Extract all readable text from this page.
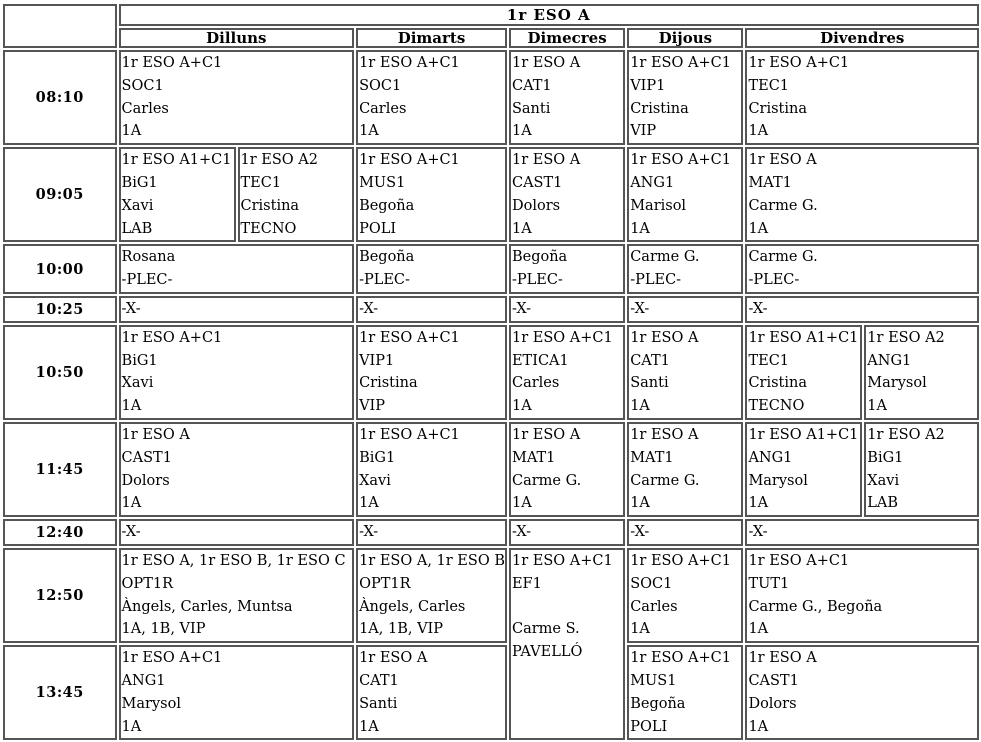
	1r ESO A						
	Dilluns		Dimarts	Dimecres	Dijous	Divendres	
08:10	1r ESO A+C1
SOC1
Carles
1A		1r ESO A+C1
SOC1
Carles
1A	1r ESO A
CAT1
Santi
1A	1r ESO A+C1
VIP1
Cristina
VIP	1r ESO A+C1
TEC1
Cristina
1A	

09:05	1r ESO A1+C1
BiG1
Xavi
LAB	1r ESO A2
TEC1
Cristina
TECNO	1r ESO A+C1
MUS1
Begoña
POLI	1r ESO A
CAST1
Dolors
1A	1r ESO A+C1
ANG1
Marisol
1A	1r ESO A
MAT1
Carme G.
1A	

10:00	Rosana
-PLEC-		Begoña
-PLEC-	Begoña
-PLEC-	Carme G.
-PLEC-	Carme G.
-PLEC-	

10:25	-X-		-X-	-X-	-X-	-X-	

10:50	1r ESO A+C1
BiG1
Xavi
1A		1r ESO A+C1
VIP1
Cristina
VIP	1r ESO A+C1
ETICA1
Carles
1A	1r ESO A
CAT1
Santi
1A	1r ESO A1+C1
TEC1
Cristina
TECNO	1r ESO A2
ANG1
Marysol
1A

11:45	1r ESO A
CAST1
Dolors
1A		1r ESO A+C1
BiG1
Xavi
1A	1r ESO A
MAT1
Carme G.
1A	1r ESO A
MAT1
Carme G.
1A	1r ESO A1+C1
ANG1
Marysol
1A	1r ESO A2
BiG1
Xavi
LAB

12:40	-X-		-X-	-X-	-X-	-X-	

12:50	1r ESO A, 1r ESO B, 1r ESO C
OPT1R
Àngels, Carles, Muntsa
1A, 1B, VIP		1r ESO A, 1r ESO B
OPT1R
Àngels, Carles
1A, 1B, VIP	1r ESO A+C1
EF1
Carme S.
PAVELLÓ	1r ESO A+C1
SOC1
Carles
1A	1r ESO A+C1
TUT1
Carme G., Begoña
1A	

13:45	1r ESO A+C1
ANG1
Marysol
1A		1r ESO A
CAT1
Santi
1A		1r ESO A+C1
MUS1
Begoña
POLI	1r ESO A
CAST1
Dolors
1A	
